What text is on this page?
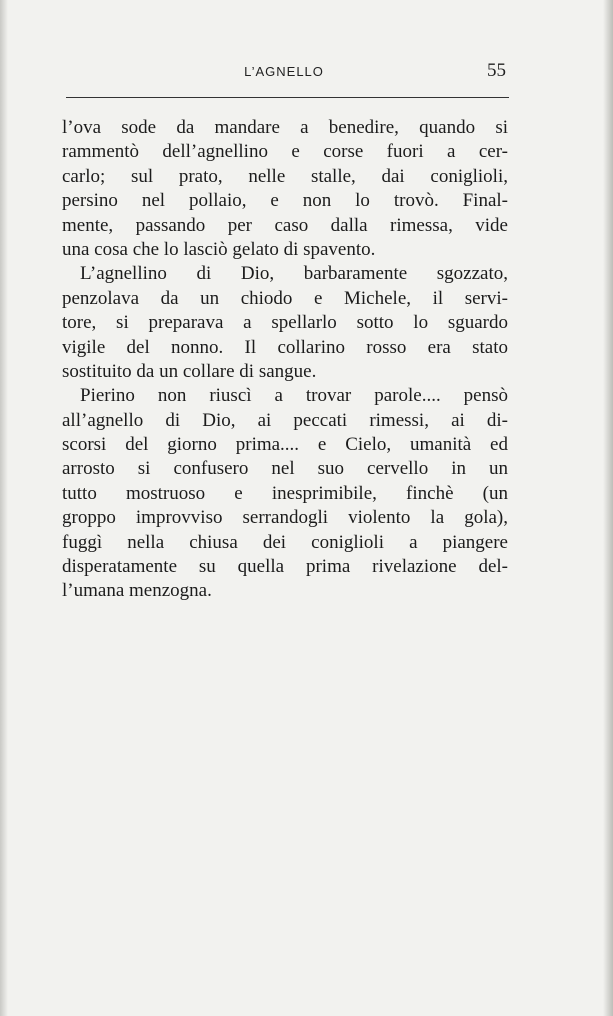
L’AGNELLO	55
l’ova sode da mandare a benedire, quando si
rammentò dell’agnellino e corse fuori a cer-
carlo; sul prato, nelle stalle, dai coniglioli,
persino nel pollaio, e non lo trovò. Final-
mente, passando per caso dalla rimessa, vide
una cosa che lo lasciò gelato di spavento.
L’agnellino di Dio, barbaramente sgozzato,
penzolava da un chiodo e Michele, il servi-
tore, si preparava a spellarlo sotto lo sguardo
vigile del nonno. Il collarino rosso era stato
sostituito da un collare di sangue.
Pierino non riuscì a trovar parole.... pensò
all’agnello di Dio, ai peccati rimessi, ai di-
scorsi del giorno prima.... e Cielo, umanità ed
arrosto si confusero nel suo cervello in un
tutto mostruoso e inesprimibile, finchè (un
groppo improvviso serrandogli violento la gola),
fuggì nella chiusa dei coniglioli a piangere
disperatamente su quella prima rivelazione del-
l’umana menzogna.
